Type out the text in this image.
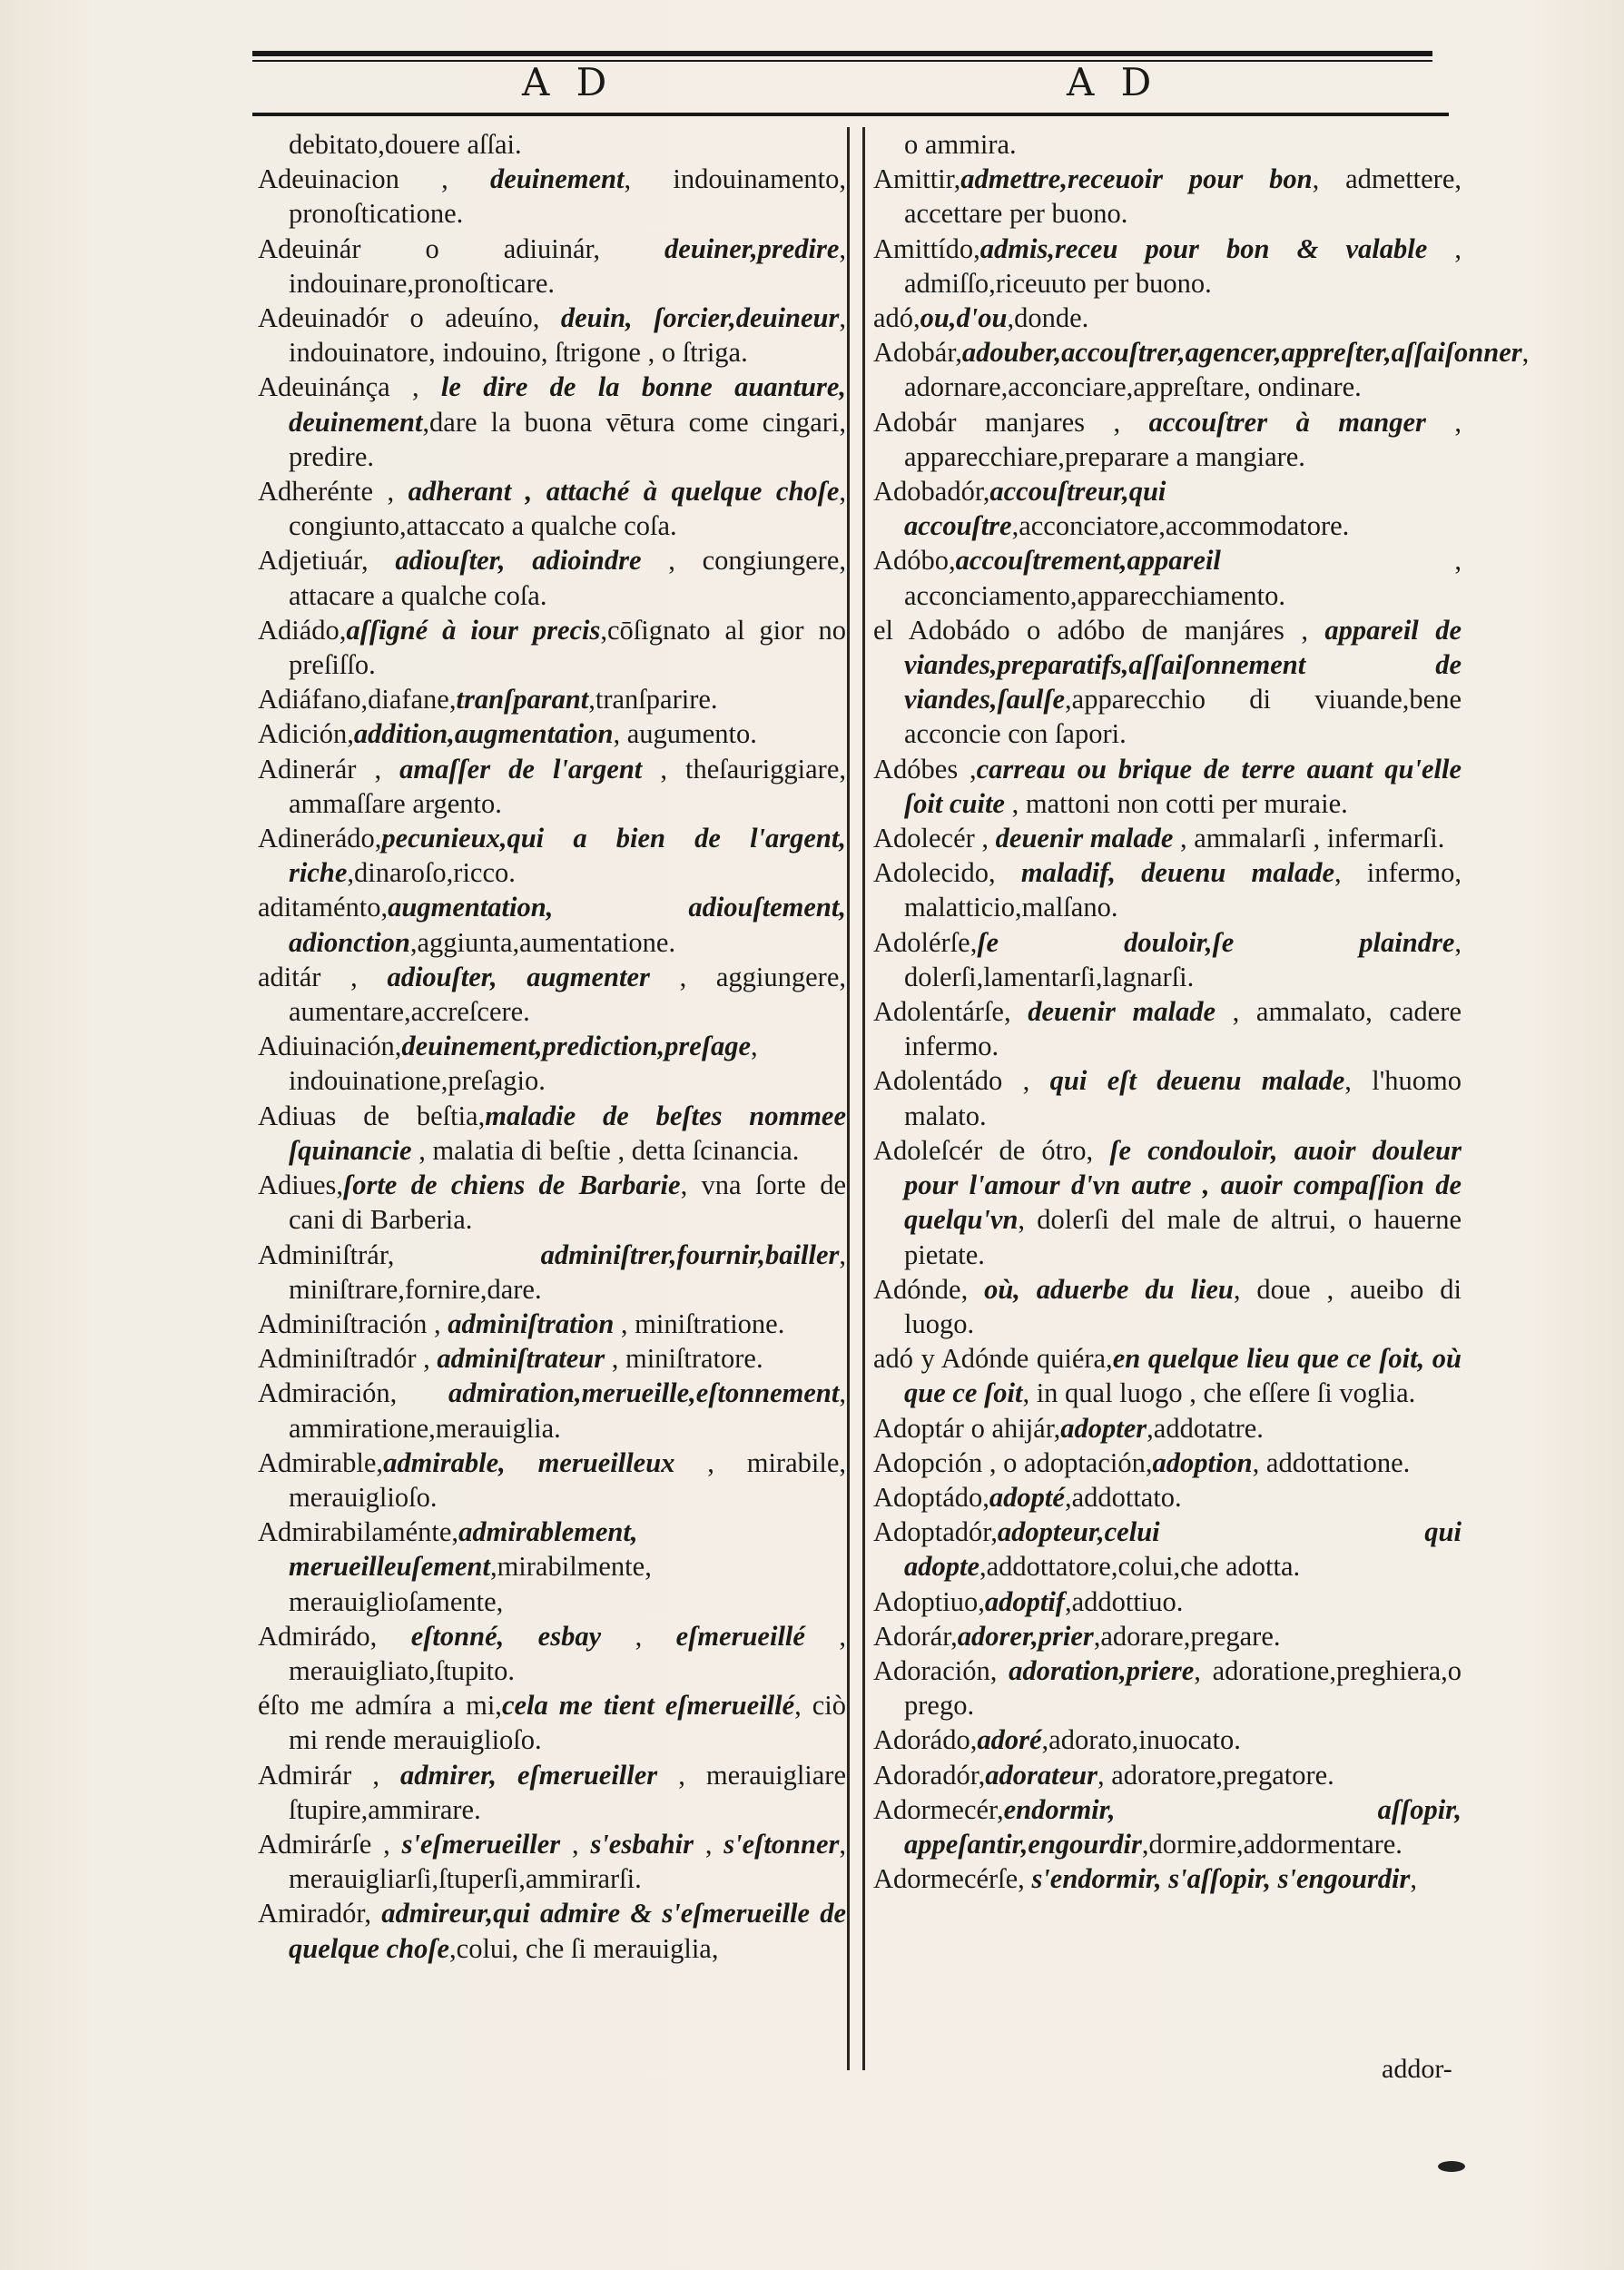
A D	A D

debitato,douere aſſai.

Adeuinacion , deuinement, indouinamento, pronoſticatione.

Adeuinár o adiuinár, deuiner,predire, indouinare,pronoſticare.

Adeuinadór o adeuíno, deuin, ſorcier,deuineur, indouinatore, indouino, ſtrigone , o ſtriga.

Adeuinánça , le dire de la bonne auanture, deuinement,dare la buona vētura come cingari, predire.

Adherénte , adherant , attaché à quelque choſe, congiunto,attaccato a qualche coſa.

Adjetiuár, adiouſter, adioindre , congiungere, attacare a qualche coſa.

Adiádo,aſſigné à iour precis,cōſignato al gior no preſiſſo.

Adiáfano,diafane,tranſparant,tranſparire.

Adición,addition,augmentation, augumento.

Adinerár , amaſſer de l'argent , theſauriggiare, ammaſſare argento.

Adinerádo,pecunieux,qui a bien de l'argent, riche,dinaroſo,ricco.

aditaménto,augmentation, adiouſtement, adionction,aggiunta,aumentatione.

aditár , adiouſter, augmenter , aggiungere, aumentare,accreſcere.

Adiuinación,deuinement,prediction,preſage, indouinatione,preſagio.

Adiuas de beſtia,maladie de beſtes nommee ſquinancie , malatia di beſtie , detta ſcinancia.

Adiues,ſorte de chiens de Barbarie, vna ſorte de cani di Barberia.

Adminiſtrár, adminiſtrer,fournir,bailler, miniſtrare,fornire,dare.

Adminiſtración , adminiſtration , miniſtratione.

Adminiſtradór , adminiſtrateur , miniſtratore.

Admiración, admiration,merueille,eſtonnement, ammiratione,merauiglia.

Admirable,admirable, merueilleux , mirabile, merauiglioſo.

Admirabilaménte,admirablement, merueilleuſement,mirabilmente, merauiglioſamente,

Admirádo, eſtonné, esbay , eſmerueillé , merauigliato,ſtupito.

éſto me admíra a mi,cela me tient eſmerueillé, ciò mi rende merauiglioſo.

Admirár , admirer, eſmerueiller , merauigliare ſtupire,ammirare.

Admirárſe , s'eſmerueiller , s'esbahir , s'eſtonner, merauigliarſi,ſtuperſi,ammirarſi.

Amiradór, admireur,qui admire & s'eſmerueille de quelque choſe,colui, che ſi merauiglia,

o ammira.

Amittir,admettre,receuoir pour bon, admettere, accettare per buono.

Amittído,admis,receu pour bon & valable , admiſſo,riceuuto per buono.

adó,ou,d'ou,donde.

Adobár,adouber,accouſtrer,agencer,appreſter,aſſaiſonner, adornare,acconciare,appreſtare, ondinare.

Adobár manjares , accouſtrer à manger , apparecchiare,preparare a mangiare.

Adobadór,accouſtreur,qui accouſtre,acconciatore,accommodatore.

Adóbo,accouſtrement,appareil , acconciamento,apparecchiamento.

el Adobádo o adóbo de manjáres , appareil de viandes,preparatifs,aſſaiſonnement de viandes,ſaulſe,apparecchio di viuande,bene acconcie con ſapori.

Adóbes ,carreau ou brique de terre auant qu'elle ſoit cuite , mattoni non cotti per muraie.

Adolecér , deuenir malade , ammalarſi , infermarſi.

Adolecido, maladif, deuenu malade, infermo, malatticio,malſano.

Adolérſe,ſe douloir,ſe plaindre, dolerſi,lamentarſi,lagnarſi.

Adolentárſe, deuenir malade , ammalato, cadere infermo.

Adolentádo , qui eſt deuenu malade, l'huomo malato.

Adoleſcér de ótro, ſe condouloir, auoir douleur pour l'amour d'vn autre , auoir compaſſion de quelqu'vn, dolerſi del male de altrui, o hauerne pietate.

Adónde, où, aduerbe du lieu, doue , aueibo di luogo.

adó y Adónde quiéra,en quelque lieu que ce ſoit, où que ce ſoit, in qual luogo , che eſſere ſi voglia.

Adoptár o ahijár,adopter,addotatre.

Adopción , o adoptación,adoption, addottatione.

Adoptádo,adopté,addottato.

Adoptadór,adopteur,celui qui adopte,addottatore,colui,che adotta.

Adoptiuo,adoptif,addottiuo.

Adorár,adorer,prier,adorare,pregare.

Adoración, adoration,priere, adoratione,preghiera,o prego.

Adorádo,adoré,adorato,inuocato.

Adoradór,adorateur, adoratore,pregatore.

Adormecér,endormir, aſſopir, appeſantir,engourdir,dormire,addormentare.

Adormecérſe, s'endormir, s'aſſopir, s'engourdir,

addor-
